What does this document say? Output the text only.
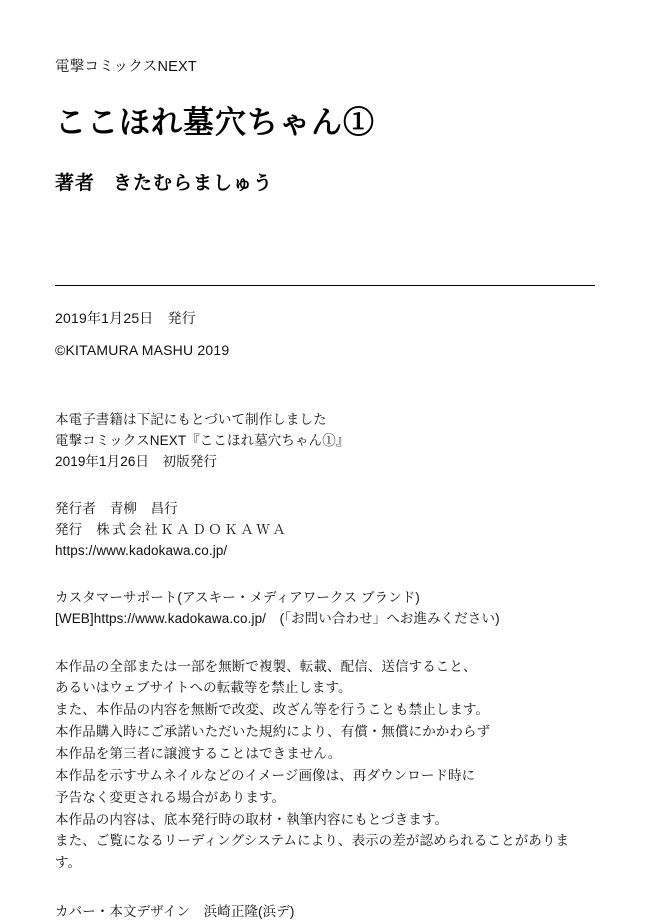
電撃コミックスNEXT
ここほれ墓穴ちゃん①
著者 きたむらましゅう
2019年1月25日 発行
©KITAMURA MASHU 2019

本電子書籍は下記にもとづいて制作しました

電撃コミックスNEXT『ここほれ墓穴ちゃん①』

2019年1月26日　初版発行

発行者 青柳　昌行

発行 株式会社ＫＡＤＯＫＡＷＡ

https://www.kadokawa.co.jp/

カスタマーサポート(アスキー・メディアワークス ブランド)

[WEB]https://www.kadokawa.co.jp/　(「お問い合わせ」へお進みください)

本作品の全部または一部を無断で複製、転載、配信、送信すること、

あるいはウェブサイトへの転載等を禁止します。

また、本作品の内容を無断で改変、改ざん等を行うことも禁止します。

本作品購入時にご承諾いただいた規約により、有償・無償にかかわらず

本作品を第三者に譲渡することはできません。

本作品を示すサムネイルなどのイメージ画像は、再ダウンロード時に

予告なく変更される場合があります。

本作品の内容は、底本発行時の取材・執筆内容にもとづきます。

また、ご覧になるリーディングシステムにより、表示の差が認められることがあります。

カバー・本文デザイン　浜崎正隆(浜デ)
